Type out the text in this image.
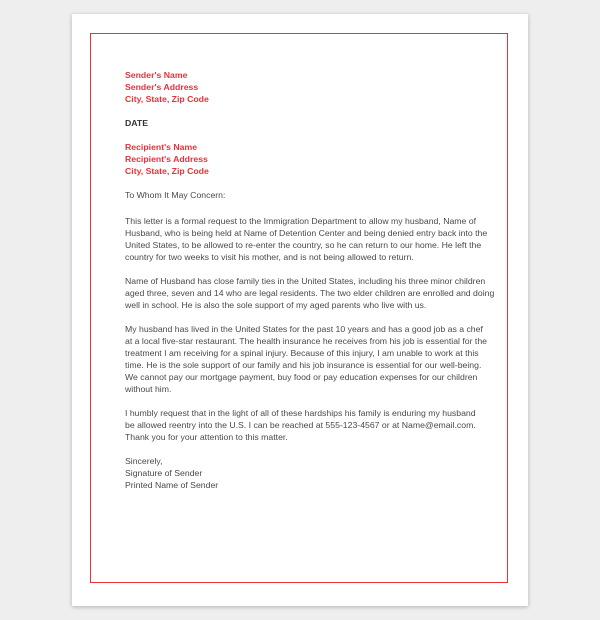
Sender's Name
Sender's Address
City, State, Zip Code
DATE
Recipient's Name
Recipient's Address
City, State, Zip Code
To Whom It May Concern:
This letter is a formal request to the Immigration Department to allow my husband, Name of
Husband, who is being held at Name of Detention Center and being denied entry back into the
United States, to be allowed to re-enter the country, so he can return to our home. He left the
country for two weeks to visit his mother, and is not being allowed to return.
Name of Husband has close family ties in the United States, including his three minor children
aged three, seven and 14 who are legal residents. The two elder children are enrolled and doing
well in school. He is also the sole support of my aged parents who live with us.
My husband has lived in the United States for the past 10 years and has a good job as a chef
at a local five-star restaurant. The health insurance he receives from his job is essential for the
treatment I am receiving for a spinal injury. Because of this injury, I am unable to work at this
time. He is the sole support of our family and his job insurance is essential for our well-being.
We cannot pay our mortgage payment, buy food or pay education expenses for our children
without him.
I humbly request that in the light of all of these hardships his family is enduring my husband
be allowed reentry into the U.S. I can be reached at 555-123-4567 or at Name@email.com.
Thank you for your attention to this matter.
Sincerely,
Signature of Sender
Printed Name of Sender
